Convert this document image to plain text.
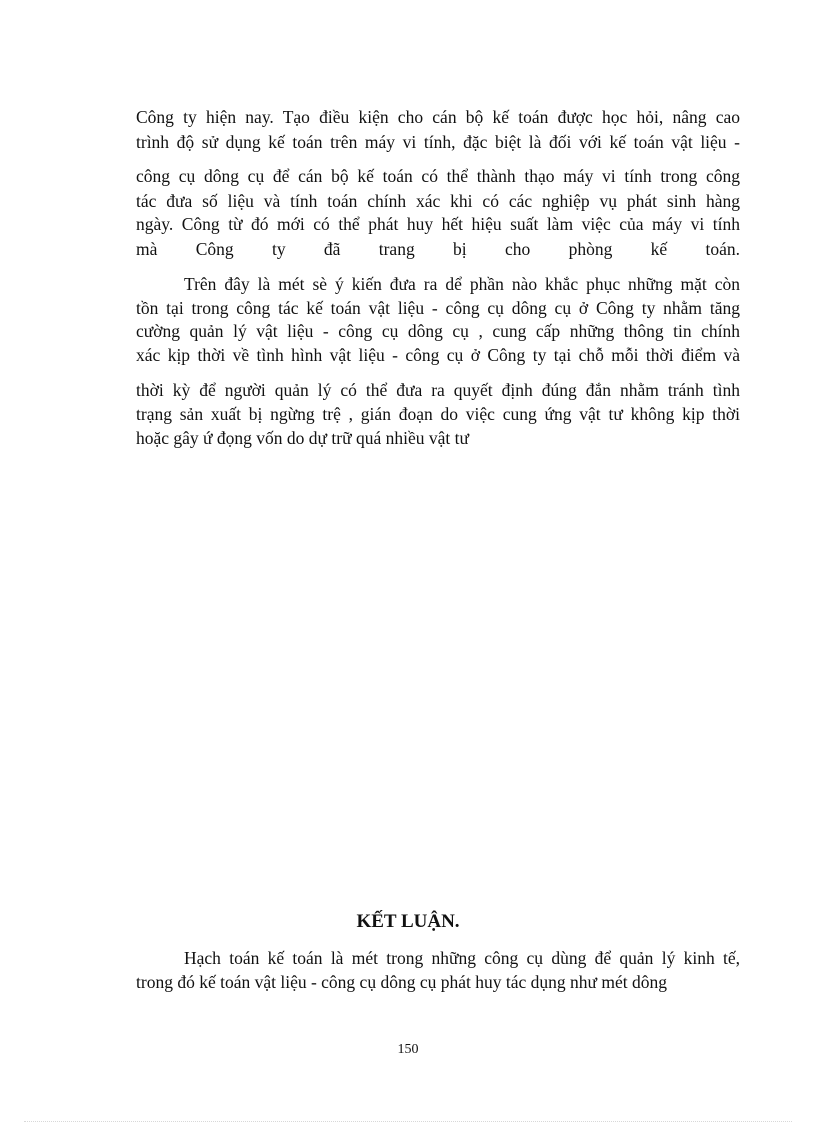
Công ty hiện nay. Tạo điều kiện cho cán bộ kế toán được học hỏi, nâng cao
trình độ sử dụng kế toán trên máy vi tính, đặc biệt là đối với kế toán vật liệu -
công cụ dông cụ để cán bộ kế toán có thể thành thạo máy vi tính trong công
tác đưa số liệu và tính toán chính xác khi có các nghiệp vụ phát sinh hàng
ngày. Công từ đó mới có thể phát huy hết hiệu suất làm việc của máy vi tính
mà Công ty đã trang bị cho phòng kế toán.
Trên đây là mét sè ý kiến đưa ra dể phần nào khắc phục những mặt còn
tồn tại trong công tác kế toán vật liệu - công cụ dông cụ ở Công ty nhằm tăng
cường quản lý vật liệu - công cụ dông cụ , cung cấp những thông tin chính
xác kịp thời về tình hình vật liệu - công cụ ở Công ty tại chỗ mỗi thời điểm và
thời kỳ để người quản lý có thể đưa ra quyết định đúng đắn nhằm tránh tình
trạng sản xuất bị ngừng trệ , gián đoạn do việc cung ứng vật tư không kịp thời
hoặc gây ứ đọng vốn do dự trữ quá nhiều vật tư
KẾT LUẬN.
Hạch toán kế toán là mét trong những công cụ dùng để quản lý kinh tế,
trong đó kế toán vật liệu - công cụ dông cụ phát huy tác dụng như mét dông
150
